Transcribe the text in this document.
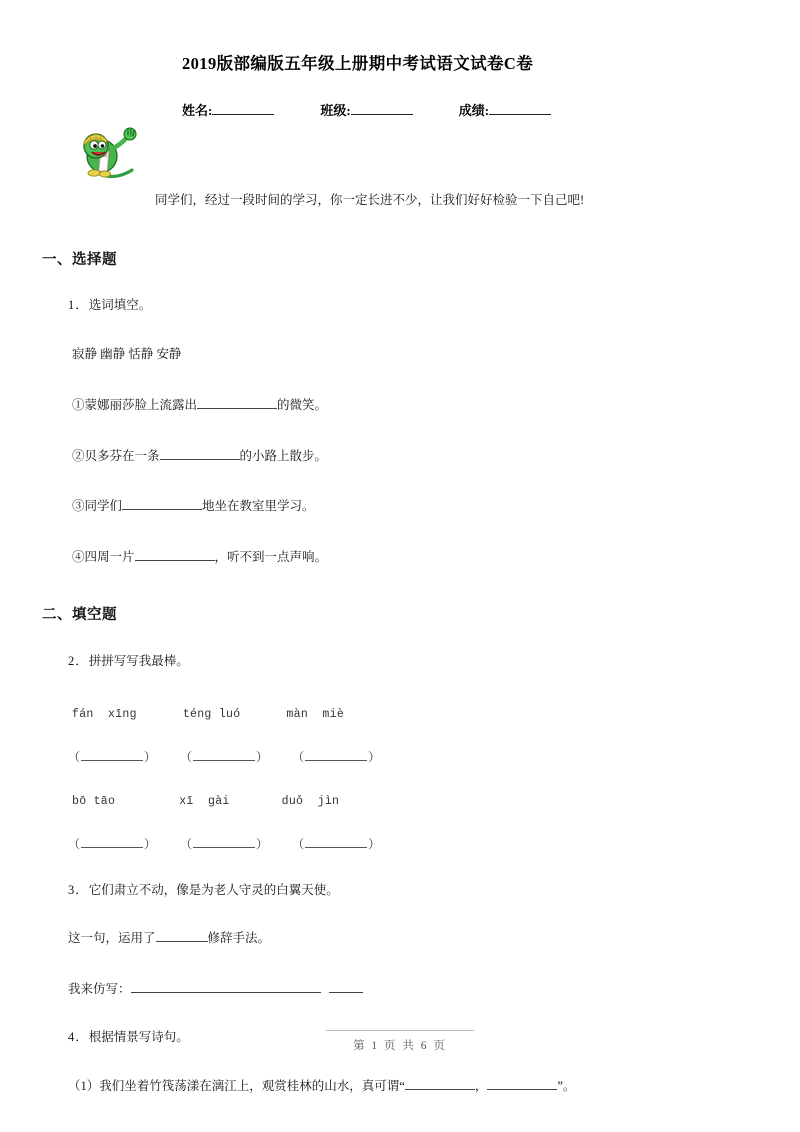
2019版部编版五年级上册期中考试语文试卷C卷
姓名:	班级:	成绩:
同学们，经过一段时间的学习，你一定长进不少，让我们好好检验一下自己吧!
一、选择题
1．选词填空。
寂静 幽静 恬静 安静
①蒙娜丽莎脸上流露出	的微笑。
②贝多芬在一条	的小路上散步。
③同学们	地坐在教室里学习。
④四周一片	，听不到一点声响。
二、填空题
2．拼拼写写我最棒。
fán  xīng	téng luó	màn  miè
（	） （	） （	）
bō tāo	xī  gài	duǒ  jìn
（	） （	） （	）
3．它们肃立不动，像是为老人守灵的白翼天使。
这一句，运用了	修辞手法。
我来仿写：
4．根据情景写诗句。
（1）我们坐着竹筏荡漾在漓江上，观赏桂林的山水，真可谓“	，	”。
第 1 页 共 6 页
